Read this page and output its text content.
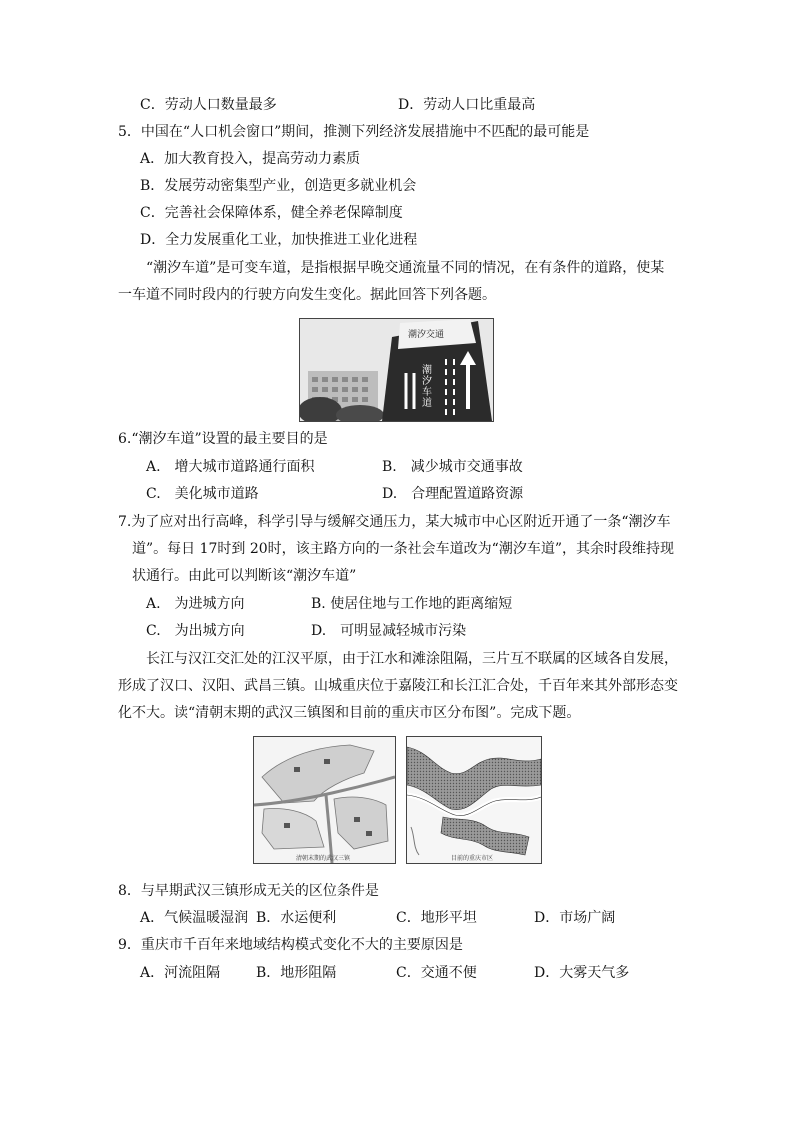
C．劳动人口数量最多	D．劳动人口比重最高
5．中国在“人口机会窗口”期间，推测下列经济发展措施中不匹配的最可能是
A．加大教育投入，提高劳动力素质
B．发展劳动密集型产业，创造更多就业机会
C．完善社会保障体系，健全养老保障制度
D．全力发展重化工业，加快推进工业化进程
“潮汐车道”是可变车道，是指根据早晚交通流量不同的情况，在有条件的道路，使某
一车道不同时段内的行驶方向发生变化。据此回答下列各题。
潮汐交通
潮汐车道
6.“潮汐车道”设置的最主要目的是
A.　增大城市道路通行面积	B.　减少城市交通事故
C.　美化城市道路	D.　合理配置道路资源
7.为了应对出行高峰，科学引导与缓解交通压力，某大城市中心区附近开通了一条“潮汐车
道”。每日 17时到 20时，该主路方向的一条社会车道改为“潮汐车道”，其余时段维持现
状通行。由此可以判断该“潮汐车道”
A.　为进城方向	B. 使居住地与工作地的距离缩短
C.　为出城方向	D.　可明显减轻城市污染
长江与汉江交汇处的江汉平原，由于江水和滩涂阻隔，三片互不联属的区域各自发展，
形成了汉口、汉阳、武昌三镇。山城重庆位于嘉陵江和长江汇合处，千百年来其外部形态变
化不大。读“清朝末期的武汉三镇图和目前的重庆市区分布图”。完成下题。
清朝末期的武汉三镇	目前的重庆市区
8．与早期武汉三镇形成无关的区位条件是
A．气候温暖湿润 B．水运便利	C．地形平坦	D．市场广阔
9．重庆市千百年来地域结构模式变化不大的主要原因是
A．河流阻隔	B．地形阻隔	C．交通不便	D．大雾天气多
